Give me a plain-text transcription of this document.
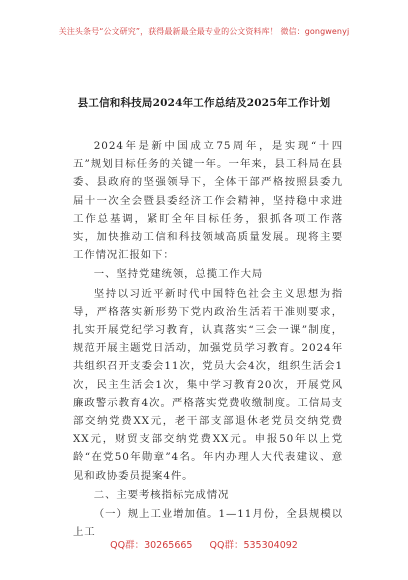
关注头条号“公文研究”，获得最新最全最专业的公文资料库！ 微信：gongwenyj
县工信和科技局2024年工作总结及2025年工作计划

2024年是新中国成立75周年，是实现“十四五”规划目标任务的关键一年。一年来，县工科局在县委、县政府的坚强领导下，全体干部严格按照县委九届十一次全会暨县委经济工作会精神，坚持稳中求进工作总基调，紧盯全年目标任务，狠抓各项工作落实，加快推动工信和科技领域高质量发展。现将主要工作情况汇报如下：

一、坚持党建统领，总揽工作大局

坚持以习近平新时代中国特色社会主义思想为指导，严格落实新形势下党内政治生活若干准则要求，扎实开展党纪学习教育，认真落实“三会一课”制度，规范开展主题党日活动，加强党员学习教育。2024年共组织召开支委会11次，党员大会4次，组织生活会1次，民主生活会1次，集中学习教育20次，开展党风廉政警示教育4次。严格落实党费收缴制度。工信局支部交纳党费XX元，老干部支部退休老党员交纳党费XX元，财贸支部交纳党费XX元。申报50年以上党龄“在党50年勋章”4名。年内办理人大代表建议、意见和政协委员提案4件。

二、主要考核指标完成情况

（一）规上工业增加值。1—11月份，全县规模以上工

QQ群：30265665 QQ群：535304092
